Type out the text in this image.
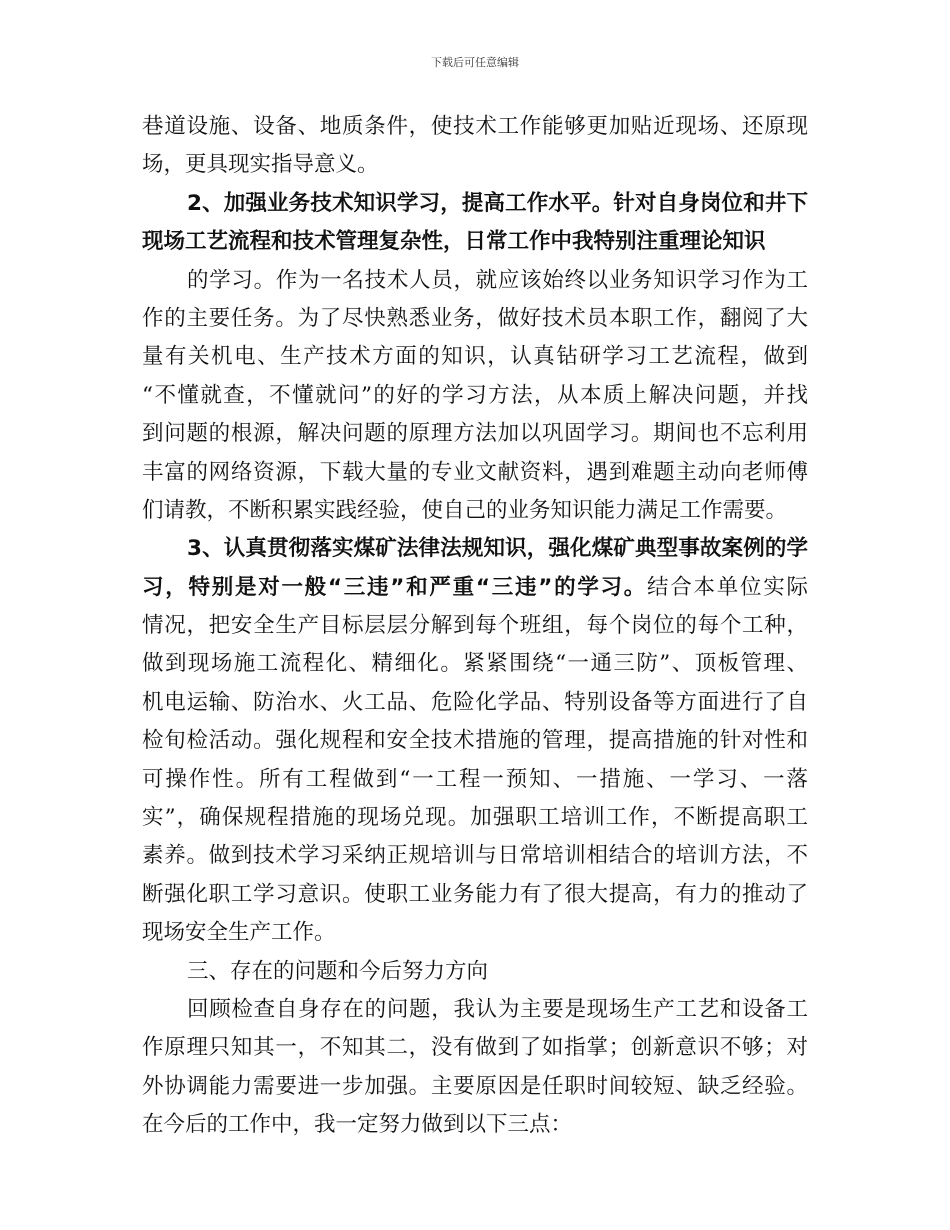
下载后可任意编辑
巷道设施、设备、地质条件，使技术工作能够更加贴近现场、还原现
场，更具现实指导意义。
2、加强业务技术知识学习，提高工作水平。针对自身岗位和井下
现场工艺流程和技术管理复杂性，日常工作中我特别注重理论知识
的学习。作为一名技术人员，就应该始终以业务知识学习作为工
作的主要任务。为了尽快熟悉业务，做好技术员本职工作，翻阅了大
量有关机电、生产技术方面的知识，认真钻研学习工艺流程，做到
“不懂就查，不懂就问”的好的学习方法，从本质上解决问题，并找
到问题的根源，解决问题的原理方法加以巩固学习。期间也不忘利用
丰富的网络资源，下载大量的专业文献资料，遇到难题主动向老师傅
们请教，不断积累实践经验，使自己的业务知识能力满足工作需要。
3、认真贯彻落实煤矿法律法规知识，强化煤矿典型事故案例的学
习，特别是对一般“三违”和严重“三违”的学习。结合本单位实际
情况，把安全生产目标层层分解到每个班组，每个岗位的每个工种，
做到现场施工流程化、精细化。紧紧围绕“一通三防”、顶板管理、
机电运输、防治水、火工品、危险化学品、特别设备等方面进行了自
检旬检活动。强化规程和安全技术措施的管理，提高措施的针对性和
可操作性。所有工程做到“一工程一预知、一措施、一学习、一落
实”，确保规程措施的现场兑现。加强职工培训工作，不断提高职工
素养。做到技术学习采纳正规培训与日常培训相结合的培训方法，不
断强化职工学习意识。使职工业务能力有了很大提高，有力的推动了
现场安全生产工作。
三、存在的问题和今后努力方向
回顾检查自身存在的问题，我认为主要是现场生产工艺和设备工
作原理只知其一，不知其二，没有做到了如指掌；创新意识不够；对
外协调能力需要进一步加强。主要原因是任职时间较短、缺乏经验。
在今后的工作中，我一定努力做到以下三点：
